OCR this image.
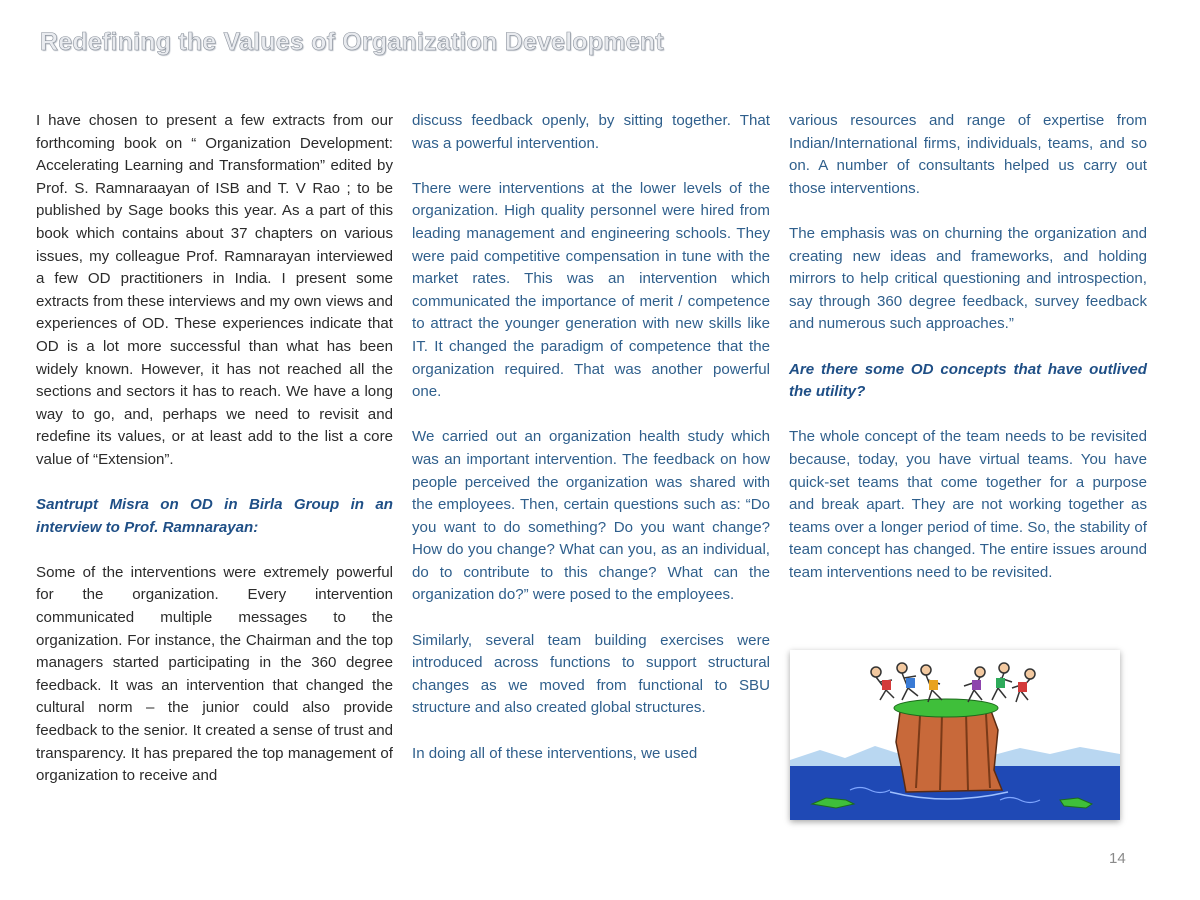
Redefining the Values of Organization Development

I have chosen to present a few extracts from our forthcoming book on “ Organization Development: Accelerating Learning and Transformation” edited by Prof. S. Ramnaraayan of ISB and T. V Rao ; to be published by Sage books this year. As a part of this book which contains about 37 chapters on various issues, my colleague Prof. Ramnarayan interviewed a few OD practitioners in India. I present some extracts from these interviews and my own views and experiences of OD. These experiences indicate that OD is a lot more successful than what has been widely known. However, it has not reached all the sections and sectors it has to reach. We have a long way to go, and, perhaps we need to revisit and redefine its values, or at least add to the list a core value of “Extension”.

Santrupt Misra on OD in Birla Group in an interview to Prof. Ramnarayan:

Some of the interventions were extremely powerful for the organization. Every intervention communicated multiple messages to the organization. For instance, the Chairman and the top managers started participating in the 360 degree feedback. It was an intervention that changed the cultural norm – the junior could also provide feedback to the senior. It created a sense of trust and transparency. It has prepared the top management of organization to receive and

discuss feedback openly, by sitting together. That was a powerful intervention.

There were interventions at the lower levels of the organization. High quality personnel were hired from leading management and engineering schools. They were paid competitive compensation in tune with the market rates. This was an intervention which communicated the importance of merit / competence to attract the younger generation with new skills like IT. It changed the paradigm of competence that the organization required. That was another powerful one.

We carried out an organization health study which was an important intervention. The feedback on how people perceived the organization was shared with the employees. Then, certain questions such as: “Do you want to do something? Do you want change? How do you change? What can you, as an individual, do to contribute to this change? What can the organization do?” were posed to the employees.

Similarly, several team building exercises were introduced across functions to support structural changes as we moved from functional to SBU structure and also created global structures.

In doing all of these interventions, we used

various resources and range of expertise from Indian/International firms, individuals, teams, and so on. A number of consultants helped us carry out those interventions.

The emphasis was on churning the organization and creating new ideas and frameworks, and holding mirrors to help critical questioning and introspection, say through 360 degree feedback, survey feedback and numerous such approaches.”

Are there some OD concepts that have outlived the utility?

The whole concept of the team needs to be revisited because, today, you have virtual teams. You have quick-set teams that come together for a purpose and break apart. They are not working together as teams over a longer period of time. So, the stability of team concept has changed. The entire issues around team interventions need to be revisited.

14
